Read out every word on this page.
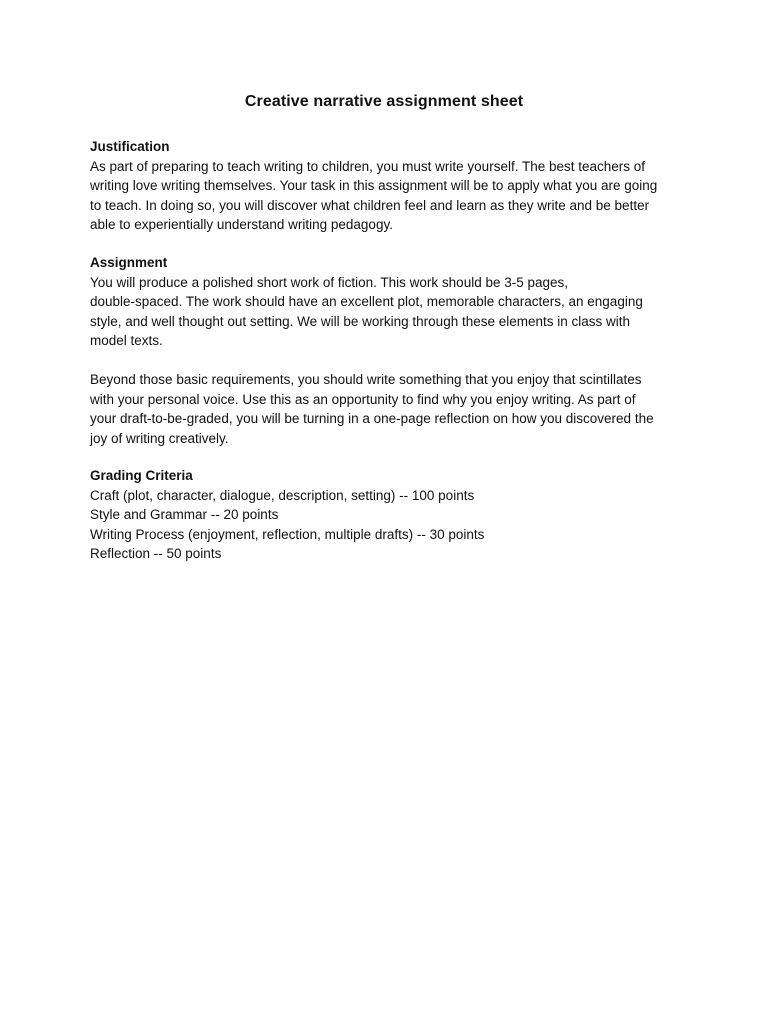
Creative narrative assignment sheet
Justification

As part of preparing to teach writing to children, you must write yourself. The best teachers of
writing love writing themselves. Your task in this assignment will be to apply what you are going
to teach. In doing so, you will discover what children feel and learn as they write and be better
able to experientially understand writing pedagogy.

Assignment

You will produce a polished short work of fiction. This work should be 3-5 pages,
double-spaced. The work should have an excellent plot, memorable characters, an engaging
style, and well thought out setting. We will be working through these elements in class with
model texts.

Beyond those basic requirements, you should write something that you enjoy that scintillates
with your personal voice. Use this as an opportunity to find why you enjoy writing. As part of
your draft-to-be-graded, you will be turning in a one-page reflection on how you discovered the
joy of writing creatively.

Grading Criteria
Craft (plot, character, dialogue, description, setting) -- 100 points
Style and Grammar -- 20 points
Writing Process (enjoyment, reflection, multiple drafts) -- 30 points
Reflection -- 50 points
